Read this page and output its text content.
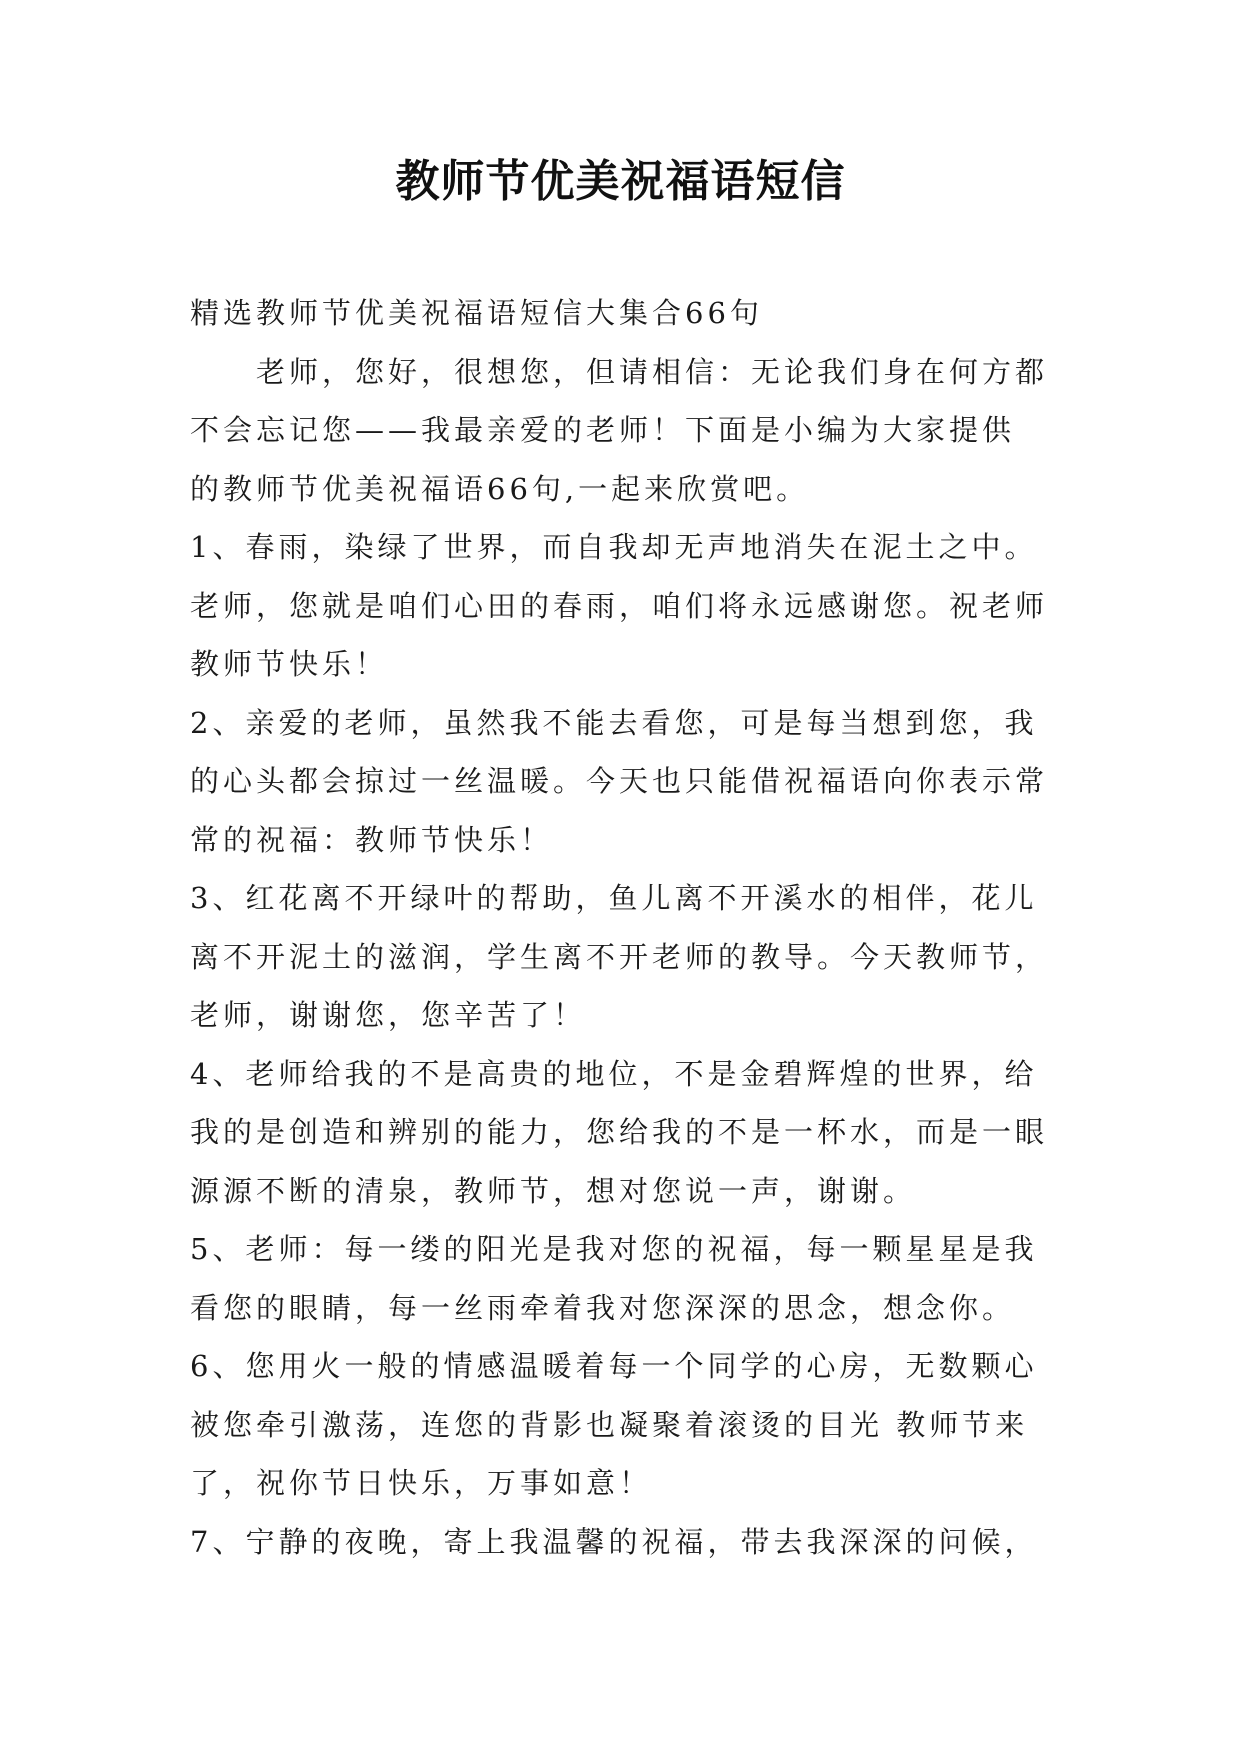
教师节优美祝福语短信
精选教师节优美祝福语短信大集合66句
老师，您好，很想您，但请相信：无论我们身在何方都
不会忘记您——我最亲爱的老师！下面是小编为大家提供
的教师节优美祝福语66句,一起来欣赏吧。
1、春雨，染绿了世界，而自我却无声地消失在泥土之中。
老师，您就是咱们心田的春雨，咱们将永远感谢您。祝老师
教师节快乐！
2、亲爱的老师，虽然我不能去看您，可是每当想到您，我
的心头都会掠过一丝温暖。今天也只能借祝福语向你表示常
常的祝福：教师节快乐！
3、红花离不开绿叶的帮助，鱼儿离不开溪水的相伴，花儿
离不开泥土的滋润，学生离不开老师的教导。今天教师节，
老师，谢谢您，您辛苦了！
4、老师给我的不是高贵的地位，不是金碧辉煌的世界，给
我的是创造和辨别的能力，您给我的不是一杯水，而是一眼
源源不断的清泉，教师节，想对您说一声，谢谢。
5、老师：每一缕的阳光是我对您的祝福，每一颗星星是我
看您的眼睛，每一丝雨牵着我对您深深的思念，想念你。
6、您用火一般的情感温暖着每一个同学的心房，无数颗心
被您牵引激荡，连您的背影也凝聚着滚烫的目光 教师节来
了，祝你节日快乐，万事如意！
7、宁静的夜晚，寄上我温馨的祝福，带去我深深的问候，
